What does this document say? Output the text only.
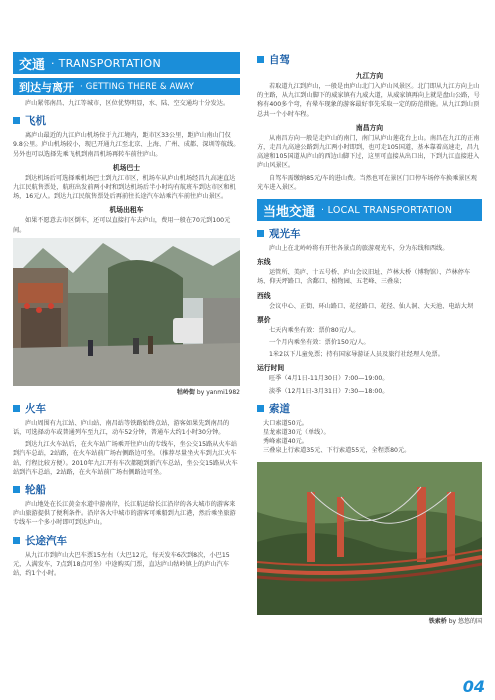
交通 · TRANSPORTATION
到达与离开 · GETTING THERE & AWAY

庐山紧邻南昌、九江等城市，区位优势明显，水、陆、空交通均十分发达。

飞机

离庐山最近的九江庐山机场位于九江境内，距市区33公里，距庐山南山门仅9.8公里。庐山机场较小，现已开通九江至北京、上海、广州、成都、深圳等航线。另外也可以选择先乘飞机到南昌机场再转车前往庐山。

机场巴士

到达机场后可选择乘机场巴士到九江市区，机场车从庐山机场经昌九高速直达九江民航售票处，航班出发前两小时和到达机场后半小时均有航班车到达市区和机场，16元/人。到达九江民航售票处后再前往长途汽车站乘汽车前往庐山景区。

机场出租车

如果不愿意去市区倒车，还可以直接打车去庐山，费用一般在70元到100元间。

牯岭街 by yanmi1982
火车

庐山周围有九江站、庐山站、南昌站等铁路始终点站，游客如果先到南昌的话，可选择动车或普通列车至九江，动车52分钟，普通车大约1小时30分钟。

到达九江火车站后，在火车站广场乘开往庐山的专线车，坐公交15路从火车站到汽车总站，2站路，在火车站前广场右侧路边可坐。（推荐尽量坐火车到九江火车站，行程比较方便）。2010年九江开有车次都随到新汽车总站，坐公交15路从火车站到汽车总站，2站路，在火车站前广场右侧路边可坐。

轮船

庐山地处在长江黄金水道中游南岸，长江航运给长江沿岸的各大城市的游客来庐山旅游提供了便利条件。沿岸各大中城市的游客可乘船到九江港，然后乘坐旅游专线车一个多小时即可到达庐山。

长途汽车

从九江市到庐山大巴车票15左右（大巴12元，每天发车6次到8次，小巴15元，人满发车，7点到18点可坐）中途购买门票，直达庐山牯岭镇上的庐山汽车站，约1个小时。

自驾
九江方向

若取道九江到庐山，一般是由庐山北门入庐山风景区。北门即从九江方向上山的主路，从九江到山脚下的威家镇有九威大道，从威家镇再向上就是盘山公路，号称有400多个弯，有晕车现象的游客最好事先采取一定的防范措施。从九江到山顶总共一个小时车程。

南昌方向

从南昌方向一般是走庐山的南门，南门从庐山莲花台上山。南昌在九江的正南方，走昌九高速公路到九江两小时即到，也可走105国道，基本靠着高速走，昌九高速和105国道从庐山的西边山脚下过，这里可直接从出口出，下到九江直接进入庐山风景区。

自驾车需缴纳85元/车的进山费。当然也可在景区门口停车场停车换乘景区观光车进入景区。

当地交通 · LOCAL TRANSPORTATION
观光车

庐山上在北岭岭将有开往各景点的旅游观光车，分为东线和西线。

东线

运管所、美庐、十五号桥、庐山会议旧址、芦林大桥（博物馆）、芦林停车场、仰天坪路口、含鄱口、植物园、五老峰、三叠泉；

西线

会议中心、正街、环山路口、花径路口、花径、仙人洞、大天池、电站大坝

票价

七天内乘坐有效：票价80元/人。

一个月内乘坐有效：票价150元/人。

1米2以下儿童免票；持有国家导游证人员及旅行社经理人免票。

运行时间

旺季（4月1日-11月30日）7:00—19:00。

淡季（12月1日-3月31日）7:30—18:00。

索道
大口索道50元。
星龙索道30元（单线）。
秀峰索道40元。
三叠泉上行索道35元、下行索道55元，全程票80元。
铁索桥 by 悠悠的国
04
